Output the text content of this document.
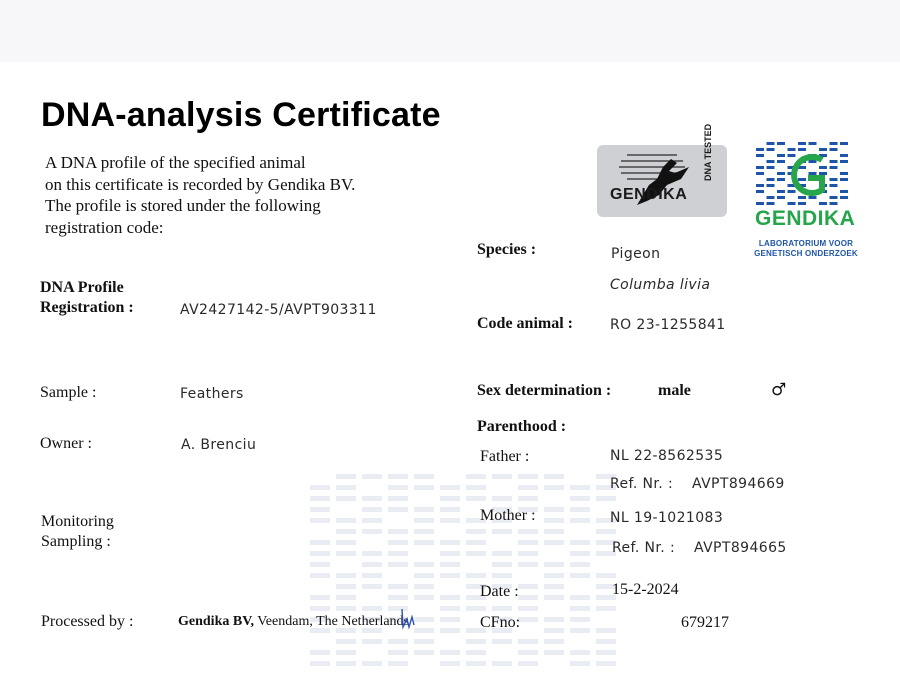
DNA-analysis Certificate
A DNA profile of the specified animal
on this certificate is recorded by Gendika BV.
The profile is stored under the following
registration code:
GENDIKA
DNA TESTED
GENDIKA
LABORATORIUM VOOR
GENETISCH ONDERZOEK
DNA Profile
Registration :	AV2427142-5/AVPT903311
Sample :	Feathers
Owner :	A. Brenciu
Monitoring
Sampling :
Processed by :	Gendika BV, Veendam, The Netherlands
Species :	Pigeon
Columba livia
Code animal :	RO 23-1255841
Sex determination :	male	♂
Parenthood :
Father :	NL 22-8562535
Ref. Nr. : AVPT894669
Mother :	NL 19-1021083
Ref. Nr. : AVPT894665
Date :	15-2-2024
CFno:	679217
